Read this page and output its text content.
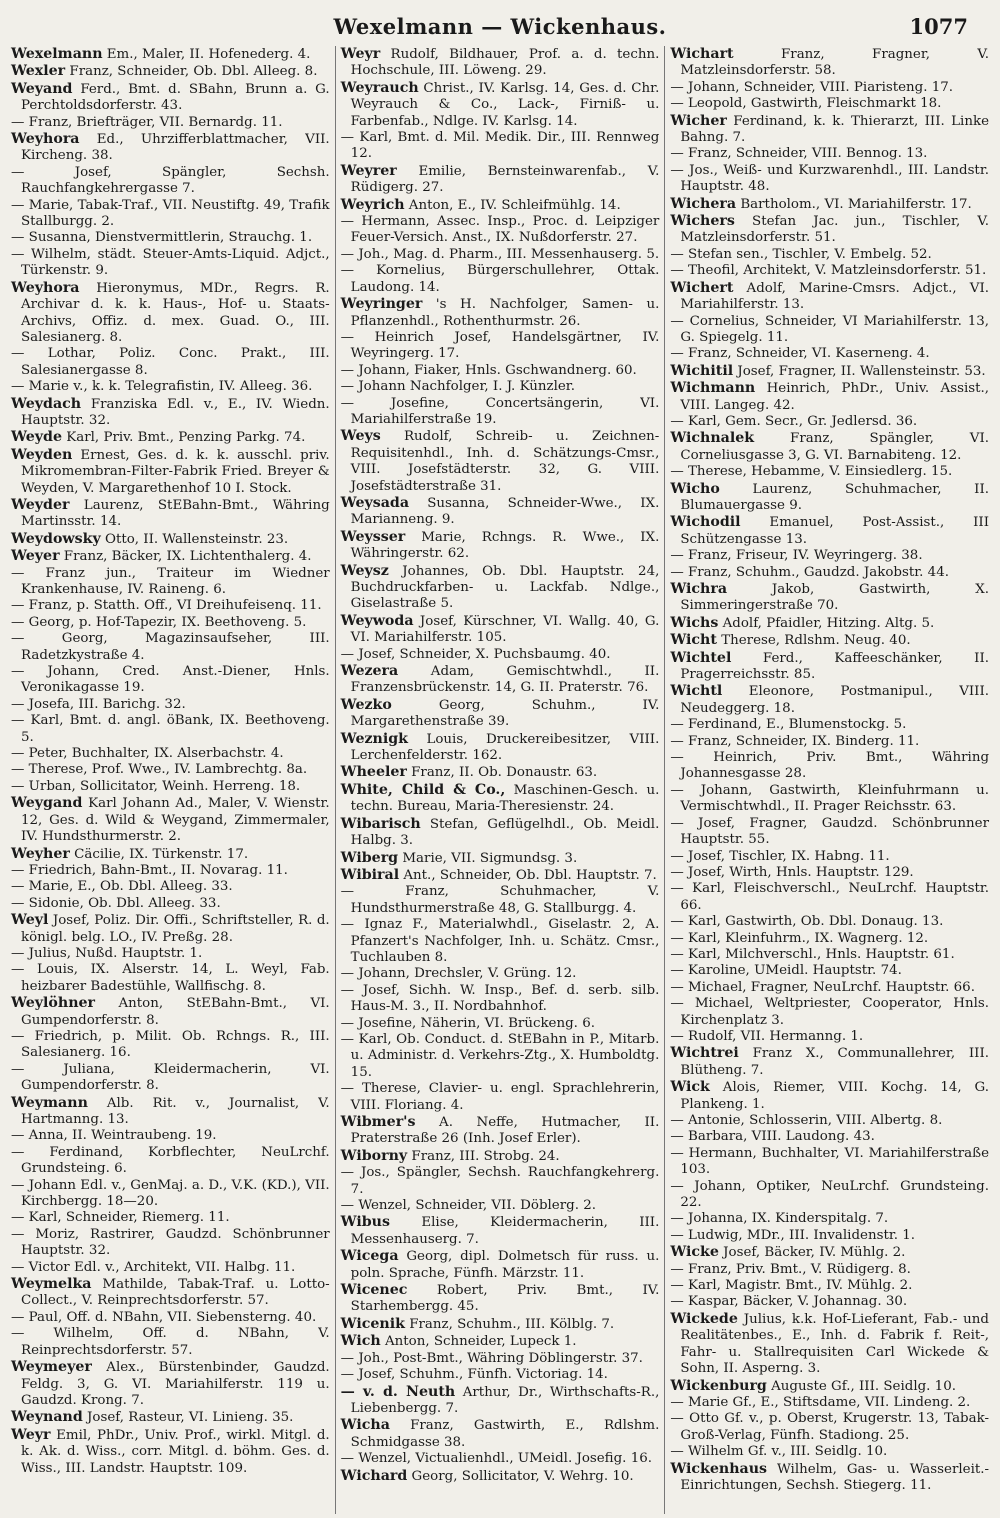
Wexelmann — Wickenhaus.	1077

Wexelmann Em., Maler, II. Hofenederg. 4.

Wexler Franz, Schneider, Ob. Dbl. Alleeg. 8.

Weyand Ferd., Bmt. d. SBahn, Brunn a. G. Perchtoldsdorferstr. 43.

— Franz, Briefträger, VII. Bernardg. 11.

Weyhora Ed., Uhrzifferblattmacher, VII. Kircheng. 38.

— Josef, Spängler, Sechsh. Rauchfangkehrergasse 7.

— Marie, Tabak-Traf., VII. Neustiftg. 49, Trafik Stallburgg. 2.

— Susanna, Dienstvermittlerin, Strauchg. 1.

— Wilhelm, städt. Steuer-Amts-Liquid. Adjct., Türkenstr. 9.

Weyhora Hieronymus, MDr., Regrs. R. Archivar d. k. k. Haus-, Hof- u. Staats-Archivs, Offiz. d. mex. Guad. O., III. Salesianerg. 8.

— Lothar, Poliz. Conc. Prakt., III. Salesianergasse 8.

— Marie v., k. k. Telegrafistin, IV. Alleeg. 36.

Weydach Franziska Edl. v., E., IV. Wiedn. Hauptstr. 32.

Weyde Karl, Priv. Bmt., Penzing Parkg. 74.

Weyden Ernest, Ges. d. k. k. ausschl. priv. Mikromembran-Filter-Fabrik Fried. Breyer & Weyden, V. Margarethenhof 10 I. Stock.

Weyder Laurenz, StEBahn-Bmt., Währing Martinsstr. 14.

Weydowsky Otto, II. Wallensteinstr. 23.

Weyer Franz, Bäcker, IX. Lichtenthalerg. 4.

— Franz jun., Traiteur im Wiedner Krankenhause, IV. Raineng. 6.

— Franz, p. Statth. Off., VI Dreihufeisenq. 11.

— Georg, p. Hof-Tapezir, IX. Beethoveng. 5.

— Georg, Magazinsaufseher, III. Radetzkystraße 4.

— Johann, Cred. Anst.-Diener, Hnls. Veronikagasse 19.

— Josefa, III. Barichg. 32.

— Karl, Bmt. d. angl. öBank, IX. Beethoveng. 5.

— Peter, Buchhalter, IX. Alserbachstr. 4.

— Therese, Prof. Wwe., IV. Lambrechtg. 8a.

— Urban, Sollicitator, Weinh. Herreng. 18.

Weygand Karl Johann Ad., Maler, V. Wienstr. 12, Ges. d. Wild & Weygand, Zimmermaler, IV. Hundsthurmerstr. 2.

Weyher Cäcilie, IX. Türkenstr. 17.

— Friedrich, Bahn-Bmt., II. Novarag. 11.

— Marie, E., Ob. Dbl. Alleeg. 33.

— Sidonie, Ob. Dbl. Alleeg. 33.

Weyl Josef, Poliz. Dir. Offi., Schriftsteller, R. d. königl. belg. LO., IV. Preßg. 28.

— Julius, Nußd. Hauptstr. 1.

— Louis, IX. Alserstr. 14, L. Weyl, Fab. heizbarer Badestühle, Wallfischg. 8.

Weylöhner Anton, StEBahn-Bmt., VI. Gumpendorferstr. 8.

— Friedrich, p. Milit. Ob. Rchngs. R., III. Salesianerg. 16.

— Juliana, Kleidermacherin, VI. Gumpendorferstr. 8.

Weymann Alb. Rit. v., Journalist, V. Hartmanng. 13.

— Anna, II. Weintraubeng. 19.

— Ferdinand, Korbflechter, NeuLrchf. Grundsteing. 6.

— Johann Edl. v., GenMaj. a. D., V.K. (KD.), VII. Kirchbergg. 18—20.

— Karl, Schneider, Riemerg. 11.

— Moriz, Rastrirer, Gaudzd. Schönbrunner Hauptstr. 32.

— Victor Edl. v., Architekt, VII. Halbg. 11.

Weymelka Mathilde, Tabak-Traf. u. Lotto-Collect., V. Reinprechtsdorferstr. 57.

— Paul, Off. d. NBahn, VII. Siebensterng. 40.

— Wilhelm, Off. d. NBahn, V. Reinprechtsdorferstr. 57.

Weymeyer Alex., Bürstenbinder, Gaudzd. Feldg. 3, G. VI. Mariahilferstr. 119 u. Gaudzd. Krong. 7.

Weynand Josef, Rasteur, VI. Linieng. 35.

Weyr Emil, PhDr., Univ. Prof., wirkl. Mitgl. d. k. Ak. d. Wiss., corr. Mitgl. d. böhm. Ges. d. Wiss., III. Landstr. Hauptstr. 109.

Weyr Rudolf, Bildhauer, Prof. a. d. techn. Hochschule, III. Löweng. 29.

Weyrauch Christ., IV. Karlsg. 14, Ges. d. Chr. Weyrauch & Co., Lack-, Firniß- u. Farbenfab., Ndlge. IV. Karlsg. 14.

— Karl, Bmt. d. Mil. Medik. Dir., III. Rennweg 12.

Weyrer Emilie, Bernsteinwarenfab., V. Rüdigerg. 27.

Weyrich Anton, E., IV. Schleifmühlg. 14.

— Hermann, Assec. Insp., Proc. d. Leipziger Feuer-Versich. Anst., IX. Nußdorferstr. 27.

— Joh., Mag. d. Pharm., III. Messenhauserg. 5.

— Kornelius, Bürgerschullehrer, Ottak. Laudong. 14.

Weyringer 's H. Nachfolger, Samen- u. Pflanzenhdl., Rothenthurmstr. 26.

— Heinrich Josef, Handelsgärtner, IV. Weyringerg. 17.

— Johann, Fiaker, Hnls. Gschwandnerg. 60.

— Johann Nachfolger, I. J. Künzler.

— Josefine, Concertsängerin, VI. Mariahilferstraße 19.

Weys Rudolf, Schreib- u. Zeichnen-Requisitenhdl., Inh. d. Schätzungs-Cmsr., VIII. Josefstädterstr. 32, G. VIII. Josefstädterstraße 31.

Weysada Susanna, Schneider-Wwe., IX. Marianneng. 9.

Weysser Marie, Rchngs. R. Wwe., IX. Währingerstr. 62.

Weysz Johannes, Ob. Dbl. Hauptstr. 24, Buchdruckfarben- u. Lackfab. Ndlge., Giselastraße 5.

Weywoda Josef, Kürschner, VI. Wallg. 40, G. VI. Mariahilferstr. 105.

— Josef, Schneider, X. Puchsbaumg. 40.

Wezera Adam, Gemischtwhdl., II. Franzensbrückenstr. 14, G. II. Praterstr. 76.

Wezko Georg, Schuhm., IV. Margarethenstraße 39.

Weznigk Louis, Druckereibesitzer, VIII. Lerchenfelderstr. 162.

Wheeler Franz, II. Ob. Donaustr. 63.

White, Child & Co., Maschinen-Gesch. u. techn. Bureau, Maria-Theresienstr. 24.

Wibarisch Stefan, Geflügelhdl., Ob. Meidl. Halbg. 3.

Wiberg Marie, VII. Sigmundsg. 3.

Wibiral Ant., Schneider, Ob. Dbl. Hauptstr. 7.

— Franz, Schuhmacher, V. Hundsthurmerstraße 48, G. Stallburgg. 4.

— Ignaz F., Materialwhdl., Giselastr. 2, A. Pfanzert's Nachfolger, Inh. u. Schätz. Cmsr., Tuchlauben 8.

— Johann, Drechsler, V. Grüng. 12.

— Josef, Sichh. W. Insp., Bef. d. serb. silb. Haus-M. 3., II. Nordbahnhof.

— Josefine, Näherin, VI. Brückeng. 6.

— Karl, Ob. Conduct. d. StEBahn in P., Mitarb. u. Administr. d. Verkehrs-Ztg., X. Humboldtg. 15.

— Therese, Clavier- u. engl. Sprachlehrerin, VIII. Floriang. 4.

Wibmer's A. Neffe, Hutmacher, II. Praterstraße 26 (Inh. Josef Erler).

Wiborny Franz, III. Strobg. 24.

— Jos., Spängler, Sechsh. Rauchfangkehrerg. 7.

— Wenzel, Schneider, VII. Döblerg. 2.

Wibus Elise, Kleidermacherin, III. Messenhauserg. 7.

Wicega Georg, dipl. Dolmetsch für russ. u. poln. Sprache, Fünfh. Märzstr. 11.

Wicenec Robert, Priv. Bmt., IV. Starhembergg. 45.

Wicenik Franz, Schuhm., III. Kölblg. 7.

Wich Anton, Schneider, Lupeck 1.

— Joh., Post-Bmt., Währing Döblingerstr. 37.

— Josef, Schuhm., Fünfh. Victoriag. 14.

— v. d. Neuth Arthur, Dr., Wirthschafts-R., Liebenbergg. 7.

Wicha Franz, Gastwirth, E., Rdlshm. Schmidgasse 38.

— Wenzel, Victualienhdl., UMeidl. Josefig. 16.

Wichard Georg, Sollicitator, V. Wehrg. 10.

Wichart Franz, Fragner, V. Matzleinsdorferstr. 58.

— Johann, Schneider, VIII. Piaristeng. 17.

— Leopold, Gastwirth, Fleischmarkt 18.

Wicher Ferdinand, k. k. Thierarzt, III. Linke Bahng. 7.

— Franz, Schneider, VIII. Bennog. 13.

— Jos., Weiß- und Kurzwarenhdl., III. Landstr. Hauptstr. 48.

Wichera Bartholom., VI. Mariahilferstr. 17.

Wichers Stefan Jac. jun., Tischler, V. Matzleinsdorferstr. 51.

— Stefan sen., Tischler, V. Embelg. 52.

— Theofil, Architekt, V. Matzleinsdorferstr. 51.

Wichert Adolf, Marine-Cmsrs. Adjct., VI. Mariahilferstr. 13.

— Cornelius, Schneider, VI Mariahilferstr. 13, G. Spiegelg. 11.

— Franz, Schneider, VI. Kaserneng. 4.

Wichitil Josef, Fragner, II. Wallensteinstr. 53.

Wichmann Heinrich, PhDr., Univ. Assist., VIII. Langeg. 42.

— Karl, Gem. Secr., Gr. Jedlersd. 36.

Wichnalek Franz, Spängler, VI. Corneliusgasse 3, G. VI. Barnabiteng. 12.

— Therese, Hebamme, V. Einsiedlerg. 15.

Wicho Laurenz, Schuhmacher, II. Blumauergasse 9.

Wichodil Emanuel, Post-Assist., III Schützengasse 13.

— Franz, Friseur, IV. Weyringerg. 38.

— Franz, Schuhm., Gaudzd. Jakobstr. 44.

Wichra Jakob, Gastwirth, X. Simmeringerstraße 70.

Wichs Adolf, Pfaidler, Hitzing. Altg. 5.

Wicht Therese, Rdlshm. Neug. 40.

Wichtel Ferd., Kaffeeschänker, II. Pragerreichsstr. 85.

Wichtl Eleonore, Postmanipul., VIII. Neudeggerg. 18.

— Ferdinand, E., Blumenstockg. 5.

— Franz, Schneider, IX. Binderg. 11.

— Heinrich, Priv. Bmt., Währing Johannesgasse 28.

— Johann, Gastwirth, Kleinfuhrmann u. Vermischtwhdl., II. Prager Reichsstr. 63.

— Josef, Fragner, Gaudzd. Schönbrunner Hauptstr. 55.

— Josef, Tischler, IX. Habng. 11.

— Josef, Wirth, Hnls. Hauptstr. 129.

— Karl, Fleischverschl., NeuLrchf. Hauptstr. 66.

— Karl, Gastwirth, Ob. Dbl. Donaug. 13.

— Karl, Kleinfuhrm., IX. Wagnerg. 12.

— Karl, Milchverschl., Hnls. Hauptstr. 61.

— Karoline, UMeidl. Hauptstr. 74.

— Michael, Fragner, NeuLrchf. Hauptstr. 66.

— Michael, Weltpriester, Cooperator, Hnls. Kirchenplatz 3.

— Rudolf, VII. Hermanng. 1.

Wichtrei Franz X., Communallehrer, III. Blütheng. 7.

Wick Alois, Riemer, VIII. Kochg. 14, G. Plankeng. 1.

— Antonie, Schlosserin, VIII. Albertg. 8.

— Barbara, VIII. Laudong. 43.

— Hermann, Buchhalter, VI. Mariahilferstraße 103.

— Johann, Optiker, NeuLrchf. Grundsteing. 22.

— Johanna, IX. Kinderspitalg. 7.

— Ludwig, MDr., III. Invalidenstr. 1.

Wicke Josef, Bäcker, IV. Mühlg. 2.

— Franz, Priv. Bmt., V. Rüdigerg. 8.

— Karl, Magistr. Bmt., IV. Mühlg. 2.

— Kaspar, Bäcker, V. Johannag. 30.

Wickede Julius, k.k. Hof-Lieferant, Fab.- und Realitätenbes., E., Inh. d. Fabrik f. Reit-, Fahr- u. Stallrequisiten Carl Wickede & Sohn, II. Asperng. 3.

Wickenburg Auguste Gf., III. Seidlg. 10.

— Marie Gf., E., Stiftsdame, VII. Lindeng. 2.

— Otto Gf. v., p. Oberst, Krugerstr. 13, Tabak-Groß-Verlag, Fünfh. Stadiong. 25.

— Wilhelm Gf. v., III. Seidlg. 10.

Wickenhaus Wilhelm, Gas- u. Wasserleit.-Einrichtungen, Sechsh. Stiegerg. 11.
